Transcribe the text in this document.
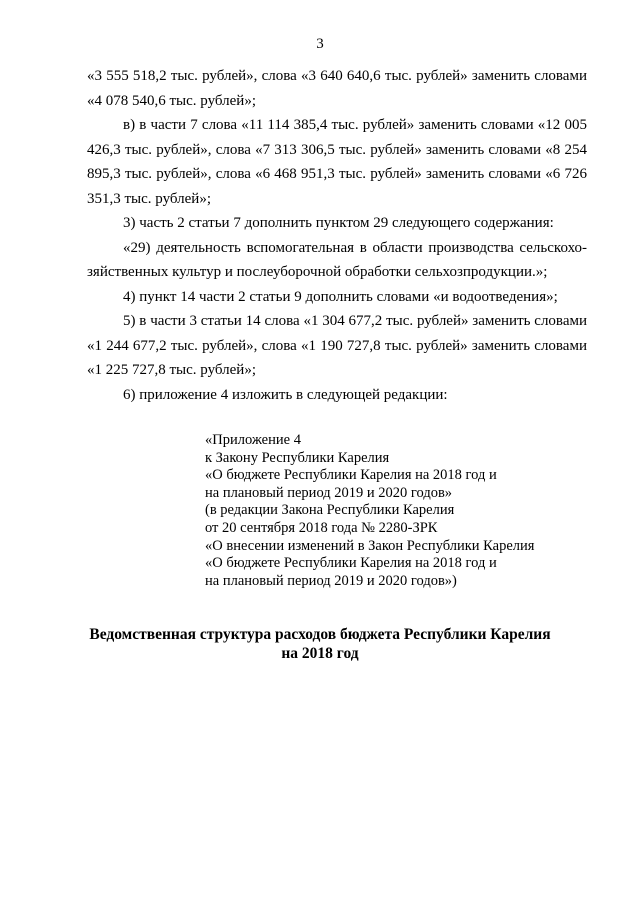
3

«3 555 518,2 тыс. рублей», слова «3 640 640,6 тыс. рублей» заменить словами «4 078 540,6 тыс. рублей»;

в) в части 7 слова «11 114 385,4 тыс. рублей» заменить словами «12 005 426,3 тыс. рублей», слова «7 313 306,5 тыс. рублей» заменить словами «8 254 895,3 тыс. рублей», слова «6 468 951,3 тыс. рублей» заменить словами «6 726 351,3 тыс. рублей»;

3) часть 2 статьи 7 дополнить пунктом 29 следующего содержания:

«29) деятельность вспомогательная в области производства сельскохозяйственных культур и послеуборочной обработки сельхозпродукции.»;

4) пункт 14 части 2 статьи 9 дополнить словами «и водоотведения»;

5) в части 3 статьи 14 слова «1 304 677,2 тыс. рублей» заменить словами «1 244 677,2 тыс. рублей», слова «1 190 727,8 тыс. рублей» заменить словами «1 225 727,8 тыс. рублей»;

6) приложение 4 изложить в следующей редакции:

«Приложение 4
к Закону Республики Карелия
«О бюджете Республики Карелия на 2018 год и
на плановый период 2019 и 2020 годов»
(в редакции Закона Республики Карелия
от 20 сентября 2018 года № 2280-ЗРК
«О внесении изменений в Закон Республики Карелия
«О бюджете Республики Карелия на 2018 год и
на плановый период 2019 и 2020 годов»)
Ведомственная структура расходов бюджета Республики Карелия
на 2018 год
